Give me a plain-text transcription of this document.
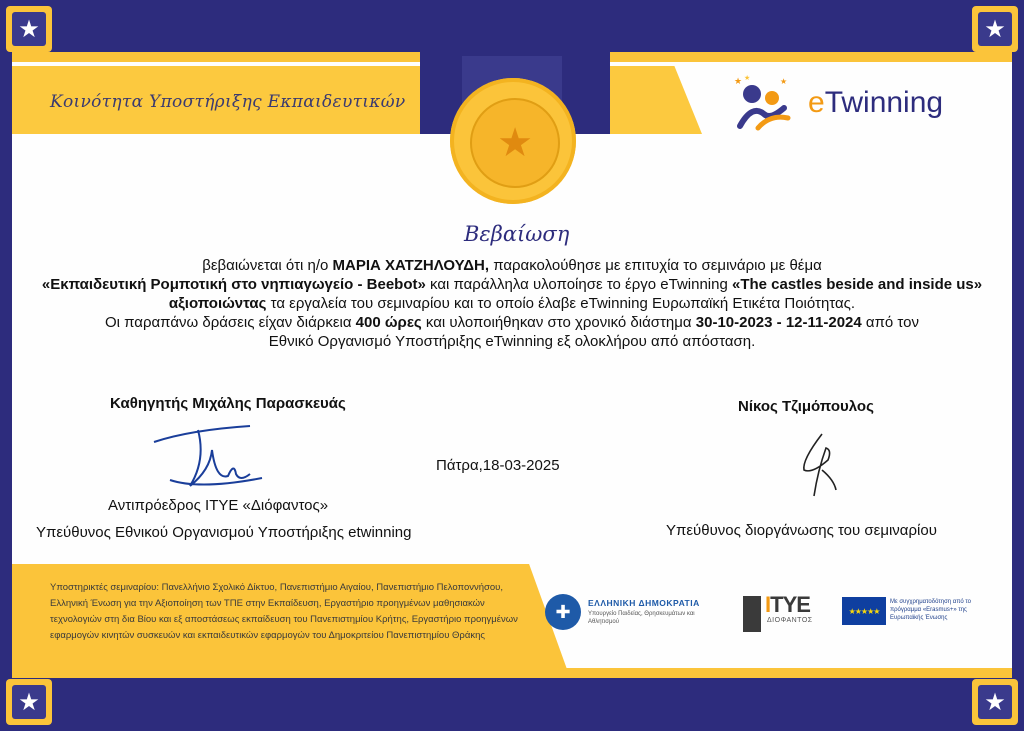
★	★
★	★
Κοινότητα Υποστήριξης Εκπαιδευτικών
★
Βεβαίωση
★ ★	★
eTwinning

βεβαιώνεται ότι η/ο ΜΑΡΙΑ ΧΑΤΖΗΛΟΥΔΗ, παρακολούθησε με επιτυχία το σεμινάριο με θέμα

«Εκπαιδευτική Ρομποτική στο νηπιαγωγείο - Beebot» και παράλληλα υλοποίησε το έργο eTwinning «The castles beside and inside us»

αξιοποιώντας τα εργαλεία του σεμιναρίου και το οποίο έλαβε eTwinning Ευρωπαϊκή Ετικέτα Ποιότητας.

Οι παραπάνω δράσεις είχαν διάρκεια 400 ώρες και υλοποιήθηκαν στο χρονικό διάστημα 30-10-2023 - 12-11-2024 από τον

Εθνικό Οργανισμό Υποστήριξης eTwinning εξ ολοκλήρου από απόσταση.

Καθηγητής Μιχάλης Παρασκευάς	Νίκος Τζιμόπουλος
Πάτρα,18-03-2025
Αντιπρόεδρος ΙΤΥΕ «Διόφαντος»
Υπεύθυνος Εθνικού Οργανισμού Υποστήριξης etwinning	Υπεύθυνος διοργάνωσης του σεμιναρίου
Υποστηρικτές σεμιναρίου: Πανελλήνιο Σχολικό Δίκτυο, Πανεπιστήμιο Αιγαίου, Πανεπιστήμιο Πελοποννήσου, Ελληνική Ένωση για την Αξιοποίηση των ΤΠΕ στην Εκπαίδευση, Εργαστήριο προηγμένων μαθησιακών τεχνολογιών στη δια Βίου και εξ αποστάσεως εκπαίδευση του Πανεπιστημίου Κρήτης, Εργαστήριο προηγμένων εφαρμογών κινητών συσκευών και εκπαιδευτικών εφαρμογών του Δημοκριτείου Πανεπιστημίου Θράκης
✚	ΕΛΛΗΝΙΚΗ ΔΗΜΟΚΡΑΤΙΑ
Υπουργείο Παιδείας, Θρησκευμάτων και Αθλητισμού
ITYE
ΔΙΟΦΑΝΤΟΣ
★★★★★
Με συγχρηματοδότηση από το πρόγραμμα «Erasmus+» της Ευρωπαϊκής Ένωσης
